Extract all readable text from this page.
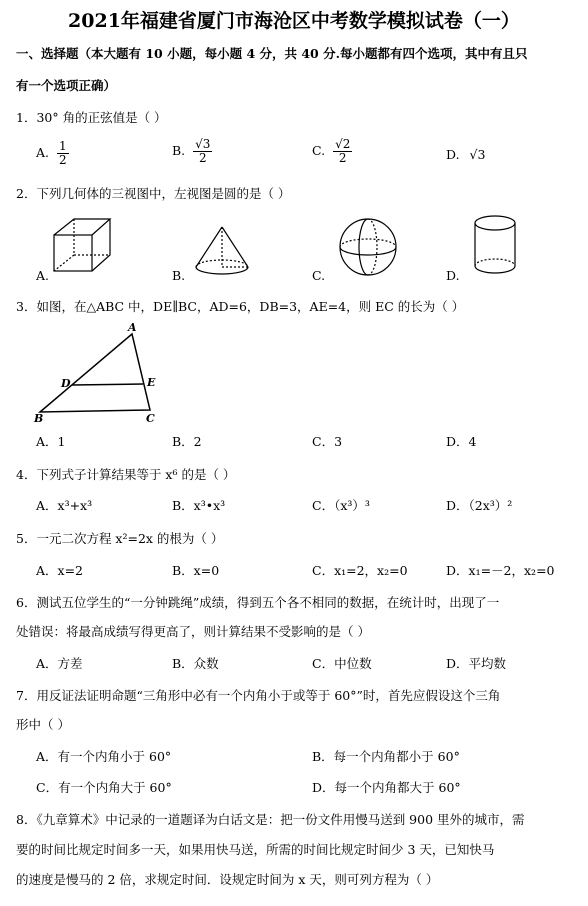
2021年福建省厦门市海沧区中考数学模拟试卷（一）
一、选择题（本大题有 10 小题，每小题 4 分，共 40 分.每小题都有四个选项，其中有且只
有一个选项正确）
1．30° 角的正弦值是（ ）
A. $\frac{1}{2}$	B. $\frac{√3}{2}$	C. $\frac{√2}{2}$	D. √3
2．下列几何体的三视图中，左视图是圆的是（ ）
A.	B.	C.	D.
3．如图，在△ABC 中，DE∥BC，AD=6，DB=3，AE=4，则 EC 的长为（ ）
A
D	E
B	C
A．1	B．2	C．3	D．4
4．下列式子计算结果等于 x⁶ 的是（ ）
A．x³+x³	B．x³•x³	C．（x³）³	D．（2x³）²
5．一元二次方程 x²=2x 的根为（ ）
A．x=2	B．x=0	C．x₁=2，x₂=0	D．x₁=－2，x₂=0
6．测试五位学生的“一分钟跳绳”成绩，得到五个各不相同的数据，在统计时，出现了一
处错误：将最高成绩写得更高了，则计算结果不受影响的是（ ）
A．方差	B．众数	C．中位数	D．平均数
7．用反证法证明命题“三角形中必有一个内角小于或等于 60°”时，首先应假设这个三角
形中（ ）
A．有一个内角小于 60°	B．每一个内角都小于 60°
C．有一个内角大于 60°	D．每一个内角都大于 60°
8．《九章算术》中记录的一道题译为白话文是：把一份文件用慢马送到 900 里外的城市，需
要的时间比规定时间多一天，如果用快马送，所需的时间比规定时间少 3 天，已知快马
的速度是慢马的 2 倍，求规定时间．设规定时间为 x 天，则可列方程为（ ）
